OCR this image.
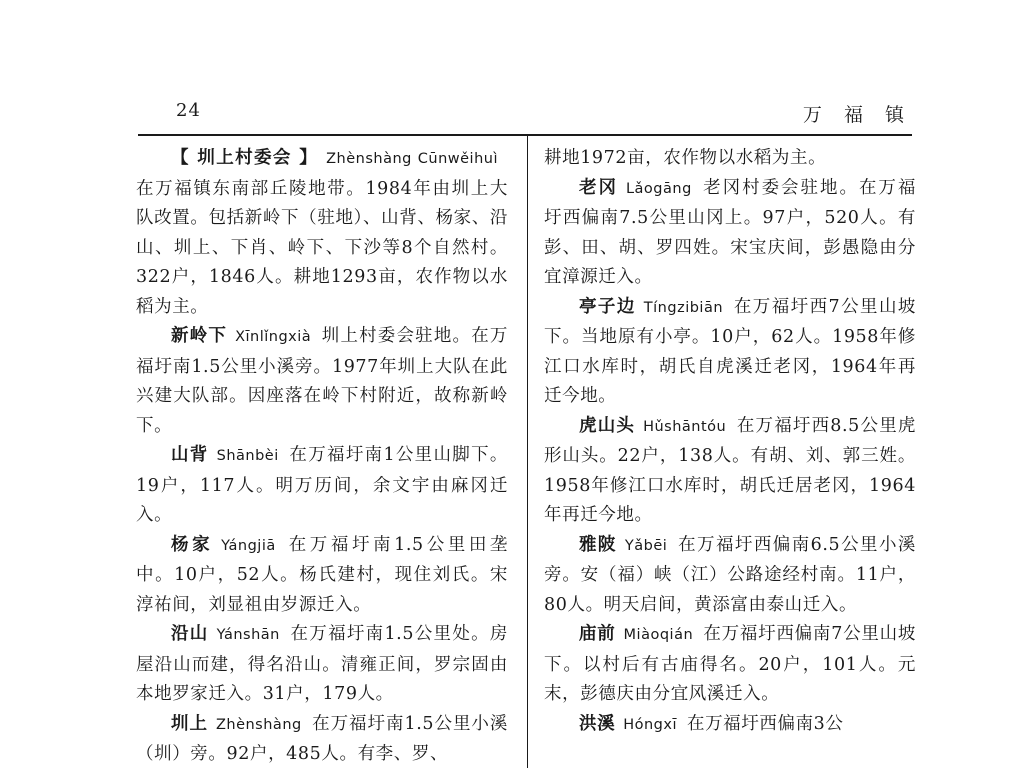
24	万 福 镇

【 圳上村委会 】 Zhènshàng Cūnwěihuì在万福镇东南部丘陵地带。1984年由圳上大队改置。包括新岭下（驻地）、山背、杨家、沿山、圳上、下肖、岭下、下沙等8个自然村。322户，1846人。耕地1293亩，农作物以水稻为主。

新岭下 Xīnlǐngxià 圳上村委会驻地。在万福圩南1.5公里小溪旁。1977年圳上大队在此兴建大队部。因座落在岭下村附近，故称新岭下。

山背 Shānbèi 在万福圩南1公里山脚下。19户，117人。明万历间，余文宇由麻冈迁入。

杨家 Yángjiā 在万福圩南1.5公里田垄中。10户，52人。杨氏建村，现住刘氏。宋淳祐间，刘显祖由岁源迁入。

沿山 Yánshān 在万福圩南1.5公里处。房屋沿山而建，得名沿山。清雍正间，罗宗固由本地罗家迁入。31户，179人。

圳上 Zhènshàng 在万福圩南1.5公里小溪（圳）旁。92户，485人。有李、罗、

耕地1972亩，农作物以水稻为主。

老冈 Lǎogāng 老冈村委会驻地。在万福圩西偏南7.5公里山冈上。97户，520人。有彭、田、胡、罗四姓。宋宝庆间，彭愚隐由分宜漳源迁入。

亭子边 Tíngzibiān 在万福圩西7公里山坡下。当地原有小亭。10户，62人。1958年修江口水库时，胡氏自虎溪迁老冈，1964年再迁今地。

虎山头 Hǔshāntóu 在万福圩西8.5公里虎形山头。22户，138人。有胡、刘、郭三姓。1958年修江口水库时，胡氏迁居老冈，1964年再迁今地。

雅陂 Yǎbēi 在万福圩西偏南6.5公里小溪旁。安（福）峡（江）公路途经村南。11户，80人。明天启间，黄添富由泰山迁入。

庙前 Miàoqián 在万福圩西偏南7公里山坡下。以村后有古庙得名。20户，101人。元末，彭德庆由分宜风溪迁入。

洪溪 Hóngxī 在万福圩西偏南3公
